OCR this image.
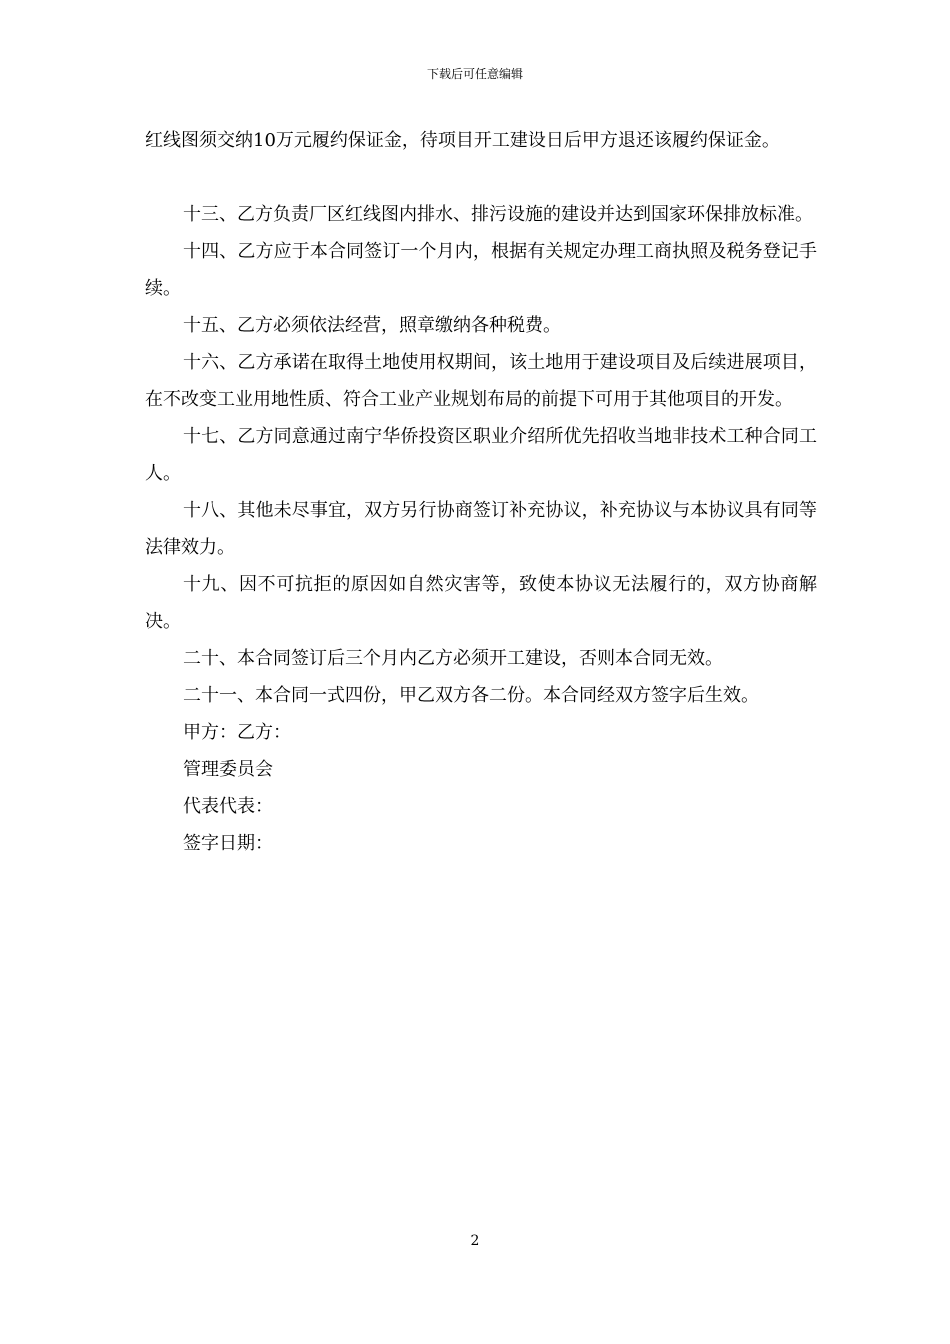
下载后可任意编辑

红线图须交纳10万元履约保证金，待项目开工建设日后甲方退还该履约保证金。

十三、乙方负责厂区红线图内排水、排污设施的建设并达到国家环保排放标准。

十四、乙方应于本合同签订一个月内，根据有关规定办理工商执照及税务登记手续。

十五、乙方必须依法经营，照章缴纳各种税费。

十六、乙方承诺在取得土地使用权期间，该土地用于建设项目及后续进展项目，在不改变工业用地性质、符合工业产业规划布局的前提下可用于其他项目的开发。

十七、乙方同意通过南宁华侨投资区职业介绍所优先招收当地非技术工种合同工人。

十八、其他未尽事宜，双方另行协商签订补充协议，补充协议与本协议具有同等法律效力。

十九、因不可抗拒的原因如自然灾害等，致使本协议无法履行的，双方协商解决。

二十、本合同签订后三个月内乙方必须开工建设，否则本合同无效。

二十一、本合同一式四份，甲乙双方各二份。本合同经双方签字后生效。

甲方：乙方：

管理委员会

代表代表：

签字日期：

2
